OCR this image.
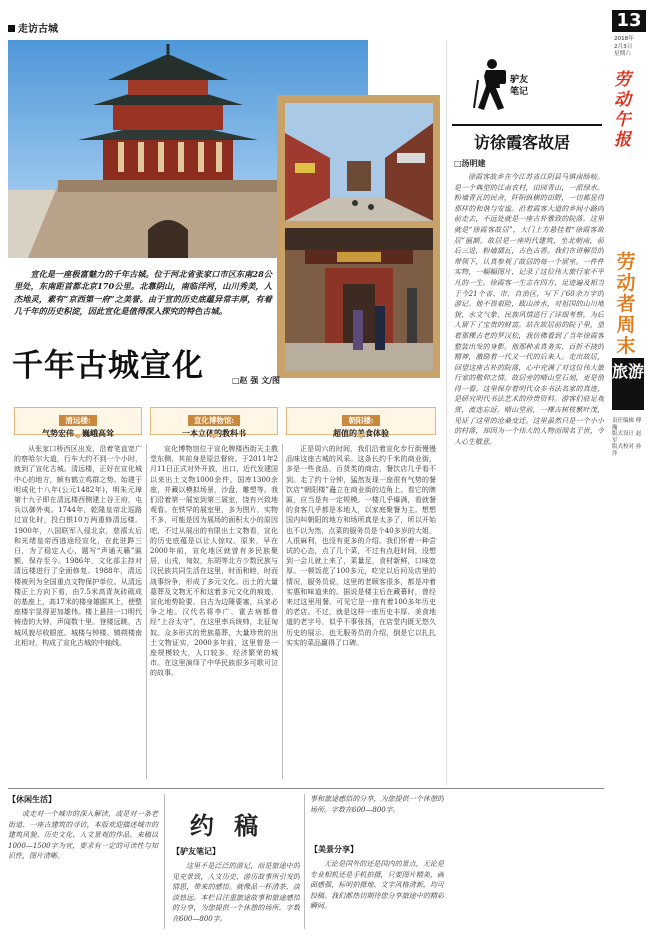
走访古城
宣化是一座极富魅力的千年古城。位于河北省张家口市区东南28公里处，东南距首都北京170公里。北靠阴山，南临洋河，山川秀美，人杰地灵，素有“京西第一府”之美誉。由于宣的历史底蕴异常丰厚，有着几千年的历史积淀，因此宣化是值得深入探究的特色古城。
千年古城宣化	□赵 强 文/图
清远楼:
气势宏伟、巍峨高耸
宣化博物馆:
一本立体的教科书
朝阳楼:
超值的美食体验
从张家口桥西区出发，沿着笔直宽广的察哈尔大道，行车大约不到一个小时，就到了宣化古城。清远楼，正好在宣化城中心的地方，颇有鹤立鸡群之势。始建于明成化十八年(公元1482年)，明朱元璋第十九子即在清远楼西侧建上谷王府，屯兵以御外夷。1744年，乾隆皇帝北巡路过宣化时，投白银10万两重修清远楼。1900年，八国联军入侵北京，慈禧太后和光绪皇帝西逃途经宣化，在此驻跸三日，为了稳定人心，题写“声通天籁”匾额，保存至今。1986年，文化部主持对清远楼进行了全面修复。1988年，清远楼被列为全国重点文物保护单位。从清远楼正上方向下看，由7.5米高青灰砖砌成的基座上，高17米的楼身雄踞其上，使整座楼宇显得更加雄伟。楼上悬挂一口明代铸造的大钟，声闻数十里。登楼远眺，古城风貌尽收眼底。城楼与钟楼、镇朔楼南北相对，构成了宣化古城的中轴线。
宣化博物馆位于宣化牌楼西街天主教堂东侧，其前身是原总督府。于2011年2月11日正式对外开放，出口，近代发建国以来出土文物1000余件。国库1300余座，并藏以模拟场景，沙盘，雕塑等。我们沿着第一展室到第三展室，饶有兴致地观看。在铁罕的展室里，多为图片，实物不多，可能是因为展场的面积太小的原因吧，不过从展出的有限出土文物看，宣化的历史底蕴是以让人惊叹。原来，早在2000年前，宣化地区就曾有多民族聚居，山戎，匈奴，东胡等北方少数民族与汉民族共同生活在这里，时而和睦，时而战事纷争，形成了多元文化。出土的大量墓葬及文物无不和这着多元文化的痕迹，宣化地势险要，自古为边陲要塞，兵家必争之地。汉代名将李广、霍去病都曾经“上谷太守”，在这里率兵统帅，北征匈奴。众多形式的贵族墓葬，大量珍贵的出土文物证实，2000多年前，这里曾是一座规模较大，人口较多，经济繁荣的城市。在这里演绎了中华民族很多可歌可泣的故事。
正是周六的时间，我们沿着宣化步行街慢慢品味这座古城的风采。这条长约千米的商业街，多是一些食品，百货类的商店，餐饮店几乎看不到。走了约十分钟，猛然发现一座很有气势的餐饮店“朝阳楼”矗立在商业街的边角上。看它的牌匾，应当是有一定规模。一楼几乎爆满，看就餐的食客几乎都是本地人，以家庭聚餐为主。想想国内叫朝阳的地方和场所真是太多了，所以开始也不以为然，点菜的服务员是个40多岁的大姐，人很麻利，也没有更多的介绍。我们怀着一种尝试的心态，点了几个菜，不过有点赶时间，没想到一会儿就上来了，菜量足，食材新鲜，口味宽厚。一顿饭花了100多元，吃完以后问及店里的情况，服务员说，这里的老顾客很多，都是冲着实惠和味道来的。据说是楼主后在藏幕时，曾经来过这里用餐。可见它是一座有着100多年历史的老店。不过，就是这样一座历史丰厚、美食地道的老字号，似乎不事张扬，在店堂内既无悠久历史的展示，也无服务员的介绍，倒是它以扎扎实实的菜品赢得了口碑。
13
2018年
2月3日
星期六
劳动午报
劳动者周末
旅游
责任编辑 傅瀚
版式设计 赵军
版式校对 孙萍
驴友
笔记
访徐霞客故居
□汤明建
徐霞客故乡在今江苏省江阴县马镇南旸岐。是一个典型的江南农村，田园青山，一派绿水。粉墙青瓦的民舍，阡陌纵横的田野，一切都显得那样的和谐与安谧。沿着霞客大道的乡间小路向前走去，不远处就是一座古朴雅致的院落。这里就是“徐霞客故居”，大门上方悬挂着“徐霞客故居”匾额。故居是一座明代建筑，坐北朝南，前后三进，粉墙黛瓦，古色古香。我们在讲解员的带领下，认真参观了故居的每一个展室。一件件实物，一幅幅图片，记录了这位伟大旅行家不平凡的一生。徐霞客一生志在四方，足迹遍及相当于今21个省、市、自治区，写下了60余万字的游记。他不畏艰险，跋山涉水，对祖国的山川地貌、水文气象、民族风情进行了详细考察，为后人留下了宝贵的财富。站在故居前的院子里，望着那棵古老的罗汉松，我仿佛看到了当年徐霞客整装出发的身影。他那种求真务实、百折不挠的精神，激励着一代又一代的后来人。走出故居，回望这座古朴的院落，心中充满了对这位伟大旅行家的敬仰之情。故居旁的晴山堂石刻，更是值得一看。这里保存着明代众多书法名家的真迹，是研究明代书法艺术的珍贵资料。游客们驻足观赏，流连忘返。晴山堂前，一棵古树枝繁叶茂，见证了这里的沧桑变迁。这里虽然只是一个小小的村落，却因为一个伟大的人物而闻名于世，令人心生敬意。
【休闲生活】
或走对一个城市的深入解读，或是对一条老街道、一座古建筑的寻访，本版欢迎描述城市的建筑风貌、历史文化、人文景观的作品。来稿以1000—1500字为宜，要求有一定的可读性与知识性，图片清晰。
约 稿
【驴友笔记】
这里不是泛泛的游记，而是旅途中的见充景致，人文历史、游历故事所引发的情思，带来的感悟。就像品一杯清茶，淡淡悠远。本栏目注重旅途故事和旅途感悟的分享，为您提供一个休憩的场所。字数在600—800字。
事和旅途感悟的分享，为您提供一个休憩的场所。字数在600—800字。
【美景分享】
无论是国外的还是国内的景点，无论是专业相机还是手机拍摄，只要图片精美，画面感强，标明拍摄地、文字风格清新，均可投稿。我们都热切期待您分享旅途中的精彩瞬间。
